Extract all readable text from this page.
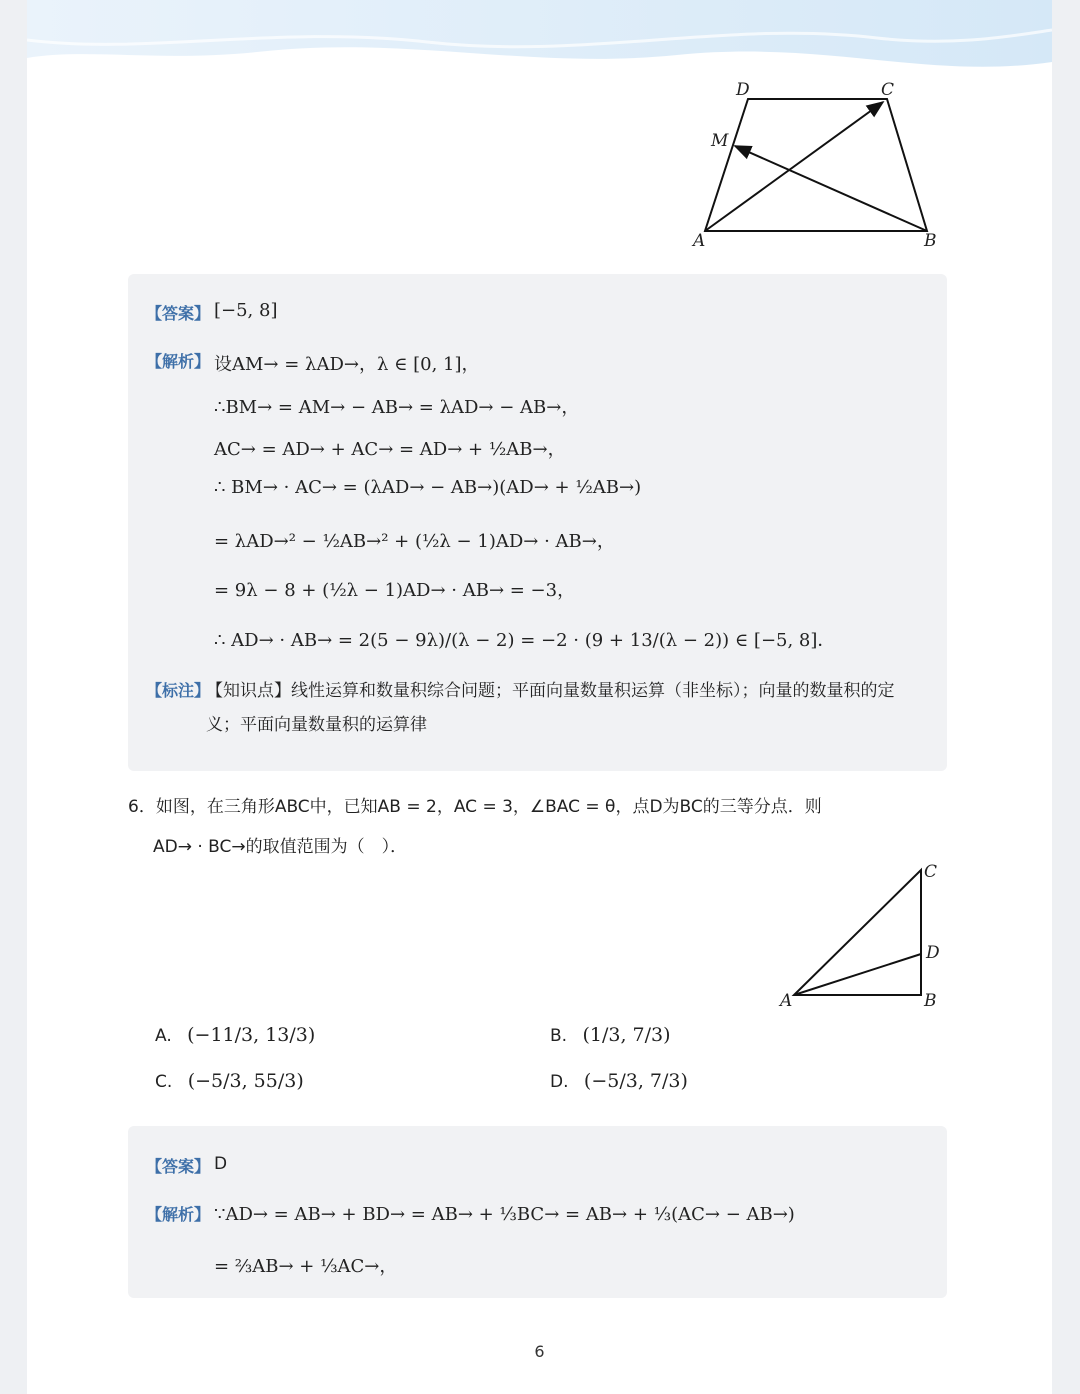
D	C
M
A	B
【答案】 [−5, 8]
【解析】 设AM→ = λAD→，λ ∈ [0, 1]，
∴BM→ = AM→ − AB→ = λAD→ − AB→，
AC→ = AD→ + AC→ = AD→ + ½AB→，
∴ BM→ · AC→ = (λAD→ − AB→)(AD→ + ½AB→)
= λAD→² − ½AB→² + (½λ − 1)AD→ · AB→，
= 9λ − 8 + (½λ − 1)AD→ · AB→ = −3，
∴ AD→ · AB→ = 2(5 − 9λ)/(λ − 2) = −2 · (9 + 13/(λ − 2)) ∈ [−5, 8]．
【标注】
【知识点】线性运算和数量积综合问题；平面向量数量积运算（非坐标）；向量的数量积的定义；平面向量数量积的运算律
6．如图，在三角形ABC中，已知AB = 2，AC = 3，∠BAC = θ，点D为BC的三等分点．则
AD→ · BC→的取值范围为（　）．
C
D
A	B
A. (−11/3, 13/3)	B. (1/3, 7/3)
C. (−5/3, 55/3)	D. (−5/3, 7/3)
【答案】 D
【解析】 ∵AD→ = AB→ + BD→ = AB→ + ⅓BC→ = AB→ + ⅓(AC→ − AB→)
= ⅔AB→ + ⅓AC→，
6
